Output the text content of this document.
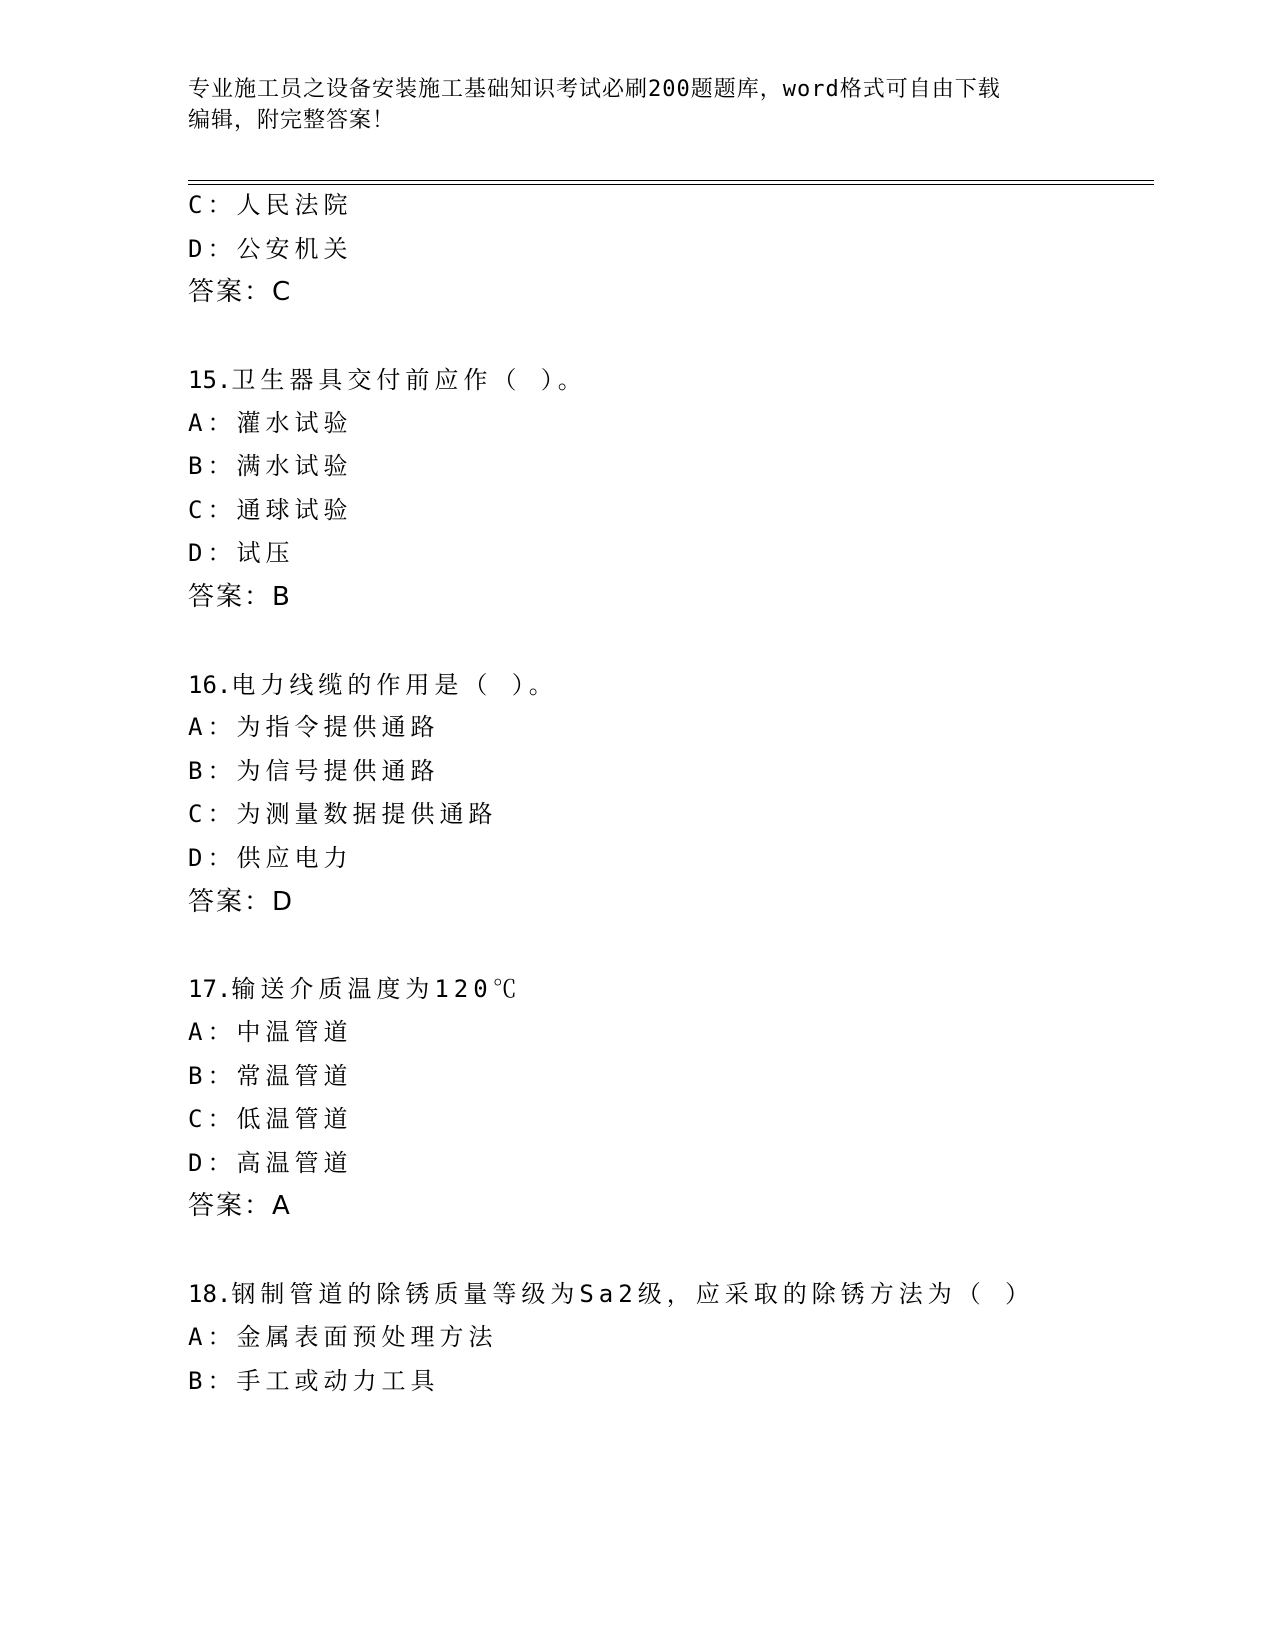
专业施工员之设备安装施工基础知识考试必刷200题题库，word格式可自由下载
编辑，附完整答案！
C：人民法院
D：公安机关
答案：C
15.卫生器具交付前应作（ ）。
A：灌水试验
B：满水试验
C：通球试验
D：试压
答案：B
16.电力线缆的作用是（ ）。
A：为指令提供通路
B：为信号提供通路
C：为测量数据提供通路
D：供应电力
答案：D
17.输送介质温度为120℃
A：中温管道
B：常温管道
C：低温管道
D：高温管道
答案：A
18.钢制管道的除锈质量等级为Sa2级，应采取的除锈方法为（ ）
A：金属表面预处理方法
B：手工或动力工具
